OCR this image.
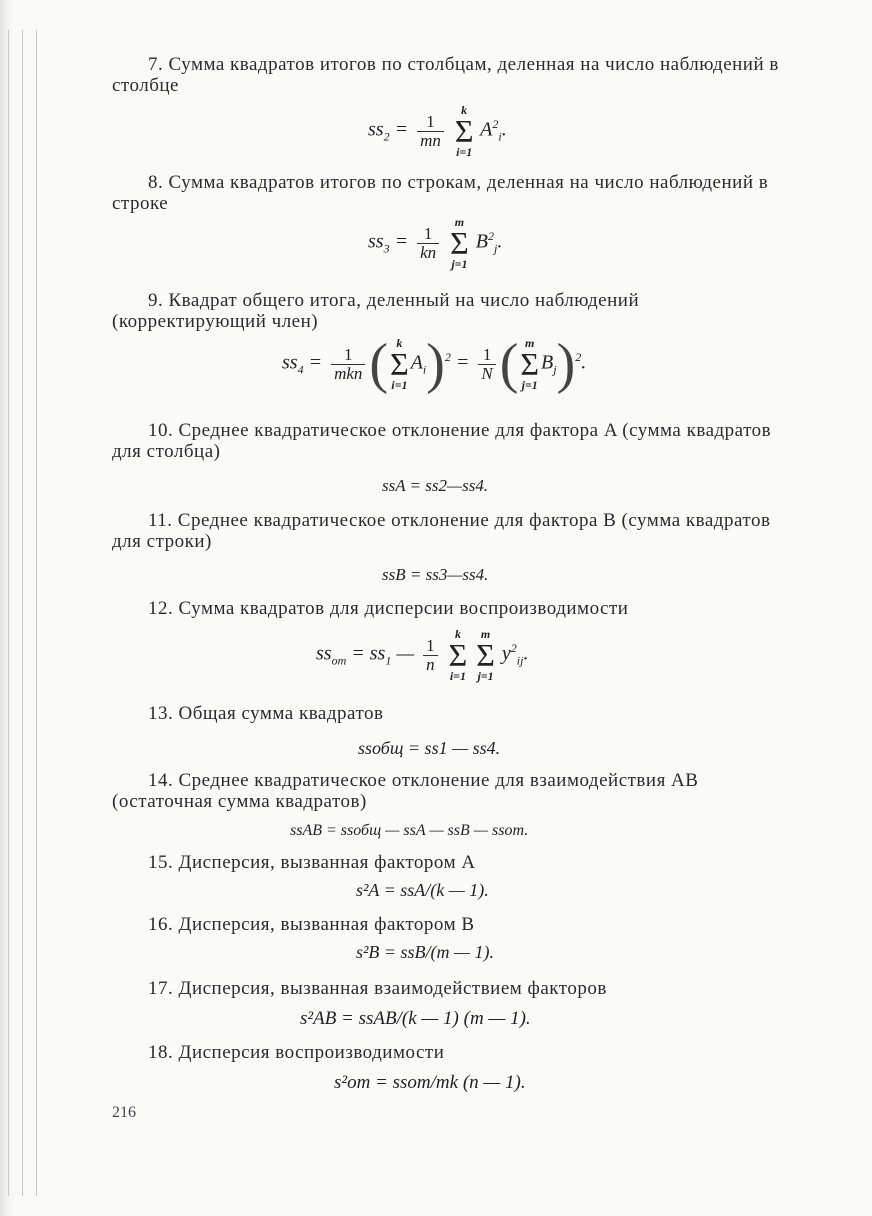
7. Сумма квадратов итогов по столбцам, деленная на число наблюдений в столбце
$ss_2 = \frac{1}{mn}$

k
Σ
i=1
$A^2_i$.
8. Сумма квадратов итогов по строкам, деленная на число наблюдений в строке
$ss_3 = \frac{1}{kn}$

m
Σ
j=1
$B^2_j$.
9. Квадрат общего итога, деленный на число наблюдений (корректирующий член)
$ss_4 = \frac{1}{\text{mkn}}$ ( k
Σ
i=1
$A_i)^2 = \frac{1}{N}$ ( m
Σ
j=1
$B_j)^2$.
10. Среднее квадратическое отклонение для фактора A (сумма квадратов для столбца)
ssA = ss2—ss4.
11. Среднее квадратическое отклонение для фактора B (сумма квадратов для строки)
ssB = ss3—ss4.
12. Сумма квадратов для дисперсии воспроизводимости
$ss_{от} = ss_1$ — $\frac{1}{n}$

k
Σ
i=1

m
Σ
j=1
$y^2_{ij}$.
13. Общая сумма квадратов
ssобщ = ss1 — ss4.
14. Среднее квадратическое отклонение для взаимодействия AB (остаточная сумма квадратов)
ssAB = ssобщ — ssA — ssB — ssот.
15. Дисперсия, вызванная фактором A
s²A = ssA/(k — 1).
16. Дисперсия, вызванная фактором B
s²B = ssB/(m — 1).
17. Дисперсия, вызванная взаимодействием факторов
s²AB = ssAB/(k — 1) (m — 1).
18. Дисперсия воспроизводимости
s²от = ssот/mk (n — 1).
216
